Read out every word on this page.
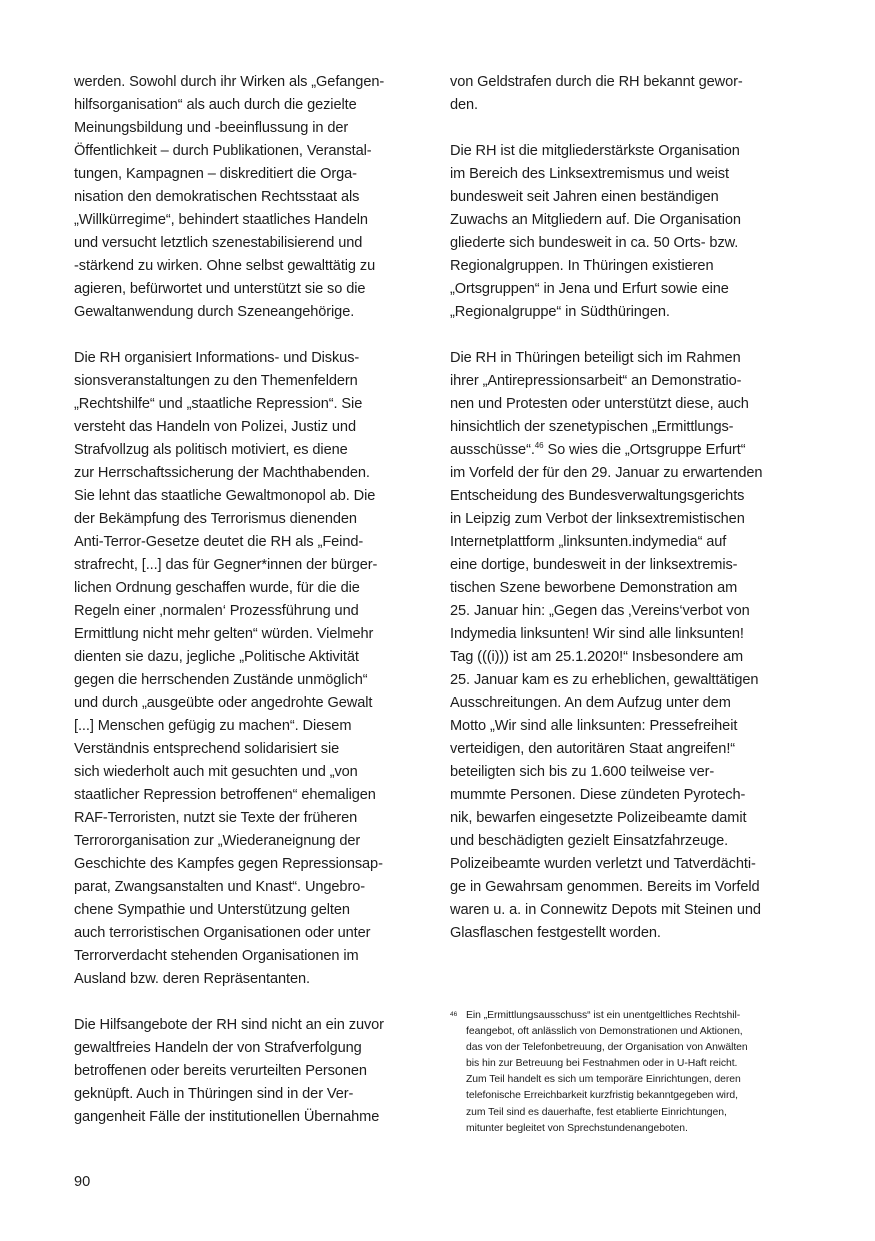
werden. Sowohl durch ihr Wirken als „Gefangen-
hilfsorganisation“ als auch durch die gezielte
Meinungsbildung und -beeinflussung in der
Öffentlichkeit – durch Publikationen, Veranstal-
tungen, Kampagnen – diskreditiert die Orga-
nisation den demokratischen Rechtsstaat als
„Willkürregime“, behindert staatliches Handeln
und versucht letztlich szenestabilisierend und
-stärkend zu wirken. Ohne selbst gewalttätig zu
agieren, befürwortet und unterstützt sie so die
Gewaltanwendung durch Szeneangehörige.

Die RH organisiert Informations- und Diskus-
sionsveranstaltungen zu den Themenfeldern
„Rechtshilfe“ und „staatliche Repression“. Sie
versteht das Handeln von Polizei, Justiz und
Strafvollzug als politisch motiviert, es diene
zur Herrschaftssicherung der Machthabenden.
Sie lehnt das staatliche Gewaltmonopol ab. Die
der Bekämpfung des Terrorismus dienenden
Anti-Terror-Gesetze deutet die RH als „Feind-
strafrecht, [...] das für Gegner*innen der bürger-
lichen Ordnung geschaffen wurde, für die die
Regeln einer ‚normalen‘ Prozessführung und
Ermittlung nicht mehr gelten“ würden. Vielmehr
dienten sie dazu, jegliche „Politische Aktivität
gegen die herrschenden Zustände unmöglich“
und durch „ausgeübte oder angedrohte Gewalt
[...] Menschen gefügig zu machen“. Diesem
Verständnis entsprechend solidarisiert sie
sich wiederholt auch mit gesuchten und „von
staatlicher Repression betroffenen“ ehemaligen
RAF-Terroristen, nutzt sie Texte der früheren
Terrororganisation zur „Wiederaneignung der
Geschichte des Kampfes gegen Repressionsap-
parat, Zwangsanstalten und Knast“. Ungebro-
chene Sympathie und Unterstützung gelten
auch terroristischen Organisationen oder unter
Terrorverdacht stehenden Organisationen im
Ausland bzw. deren Repräsentanten.

Die Hilfsangebote der RH sind nicht an ein zuvor
gewaltfreies Handeln der von Strafverfolgung
betroffenen oder bereits verurteilten Personen
geknüpft. Auch in Thüringen sind in der Ver-
gangenheit Fälle der institutionellen Übernahme

von Geldstrafen durch die RH bekannt gewor-
den.

Die RH ist die mitgliederstärkste Organisation
im Bereich des Linksextremismus und weist
bundesweit seit Jahren einen beständigen
Zuwachs an Mitgliedern auf. Die Organisation
gliederte sich bundesweit in ca. 50 Orts- bzw.
Regionalgruppen. In Thüringen existieren
„Ortsgruppen“ in Jena und Erfurt sowie eine
„Regionalgruppe“ in Südthüringen.

Die RH in Thüringen beteiligt sich im Rahmen
ihrer „Antirepressionsarbeit“ an Demonstratio-
nen und Protesten oder unterstützt diese, auch
hinsichtlich der szenetypischen „Ermittlungs-
ausschüsse“.$^{46}$ So wies die „Ortsgruppe Erfurt“
im Vorfeld der für den 29. Januar zu erwartenden
Entscheidung des Bundesverwaltungsgerichts
in Leipzig zum Verbot der linksextremistischen
Internetplattform „linksunten.indymedia“ auf
eine dortige, bundesweit in der linksextremis-
tischen Szene beworbene Demonstration am
25. Januar hin: „Gegen das ‚Vereins‘verbot von
Indymedia linksunten! Wir sind alle linksunten!
Tag (((i))) ist am 25.1.2020!“ Insbesondere am
25. Januar kam es zu erheblichen, gewalttätigen
Ausschreitungen. An dem Aufzug unter dem
Motto „Wir sind alle linksunten: Pressefreiheit
verteidigen, den autoritären Staat angreifen!“
beteiligten sich bis zu 1.600 teilweise ver-
mummte Personen. Diese zündeten Pyrotech-
nik, bewarfen eingesetzte Polizeibeamte damit
und beschädigten gezielt Einsatzfahrzeuge.
Polizeibeamte wurden verletzt und Tatverdächti-
ge in Gewahrsam genommen. Bereits im Vorfeld
waren u. a. in Connewitz Depots mit Steinen und
Glasflaschen festgestellt worden.

46 Ein „Ermittlungsausschuss“ ist ein unentgeltliches Rechtshil-
feangebot, oft anlässlich von Demonstrationen und Aktionen,
das von der Telefonbetreuung, der Organisation von Anwälten
bis hin zur Betreuung bei Festnahmen oder in U-Haft reicht.
Zum Teil handelt es sich um temporäre Einrichtungen, deren
telefonische Erreichbarkeit kurzfristig bekanntgegeben wird,
zum Teil sind es dauerhafte, fest etablierte Einrichtungen,
mitunter begleitet von Sprechstundenangeboten.
90
